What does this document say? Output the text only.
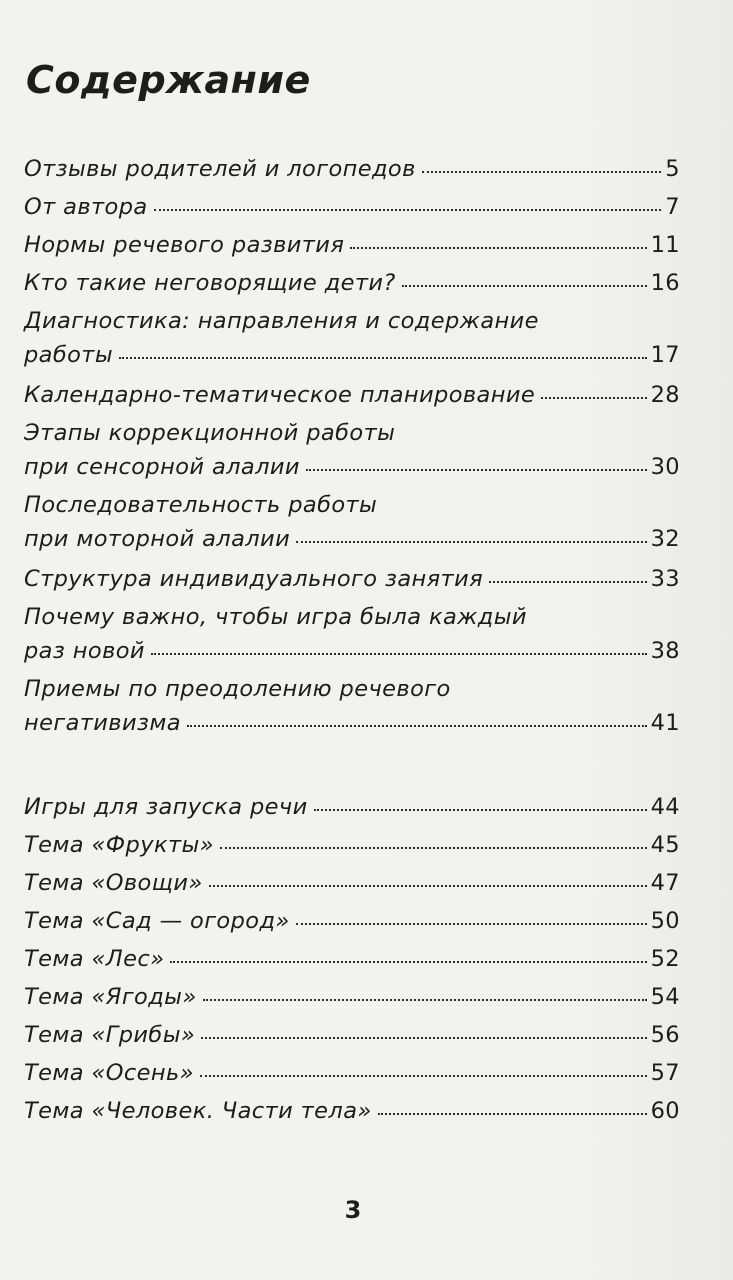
Содержание
Отзывы родителей и логопедов	5
От автора	7
Нормы речевого развития	11
Кто такие неговорящие дети?	16
Диагностика: направления и содержание
работы	17
Календарно-тематическое планирование	28
Этапы коррекционной работы
при сенсорной алалии	30
Последовательность работы
при моторной алалии	32
Структура индивидуального занятия	33
Почему важно, чтобы игра была каждый
раз новой	38
Приемы по преодолению речевого
негативизма	41
Игры для запуска речи	44
Тема «Фрукты»	45
Тема «Овощи»	47
Тема «Сад — огород»	50
Тема «Лес»	52
Тема «Ягоды»	54
Тема «Грибы»	56
Тема «Осень»	57
Тема «Человек. Части тела»	60
3
